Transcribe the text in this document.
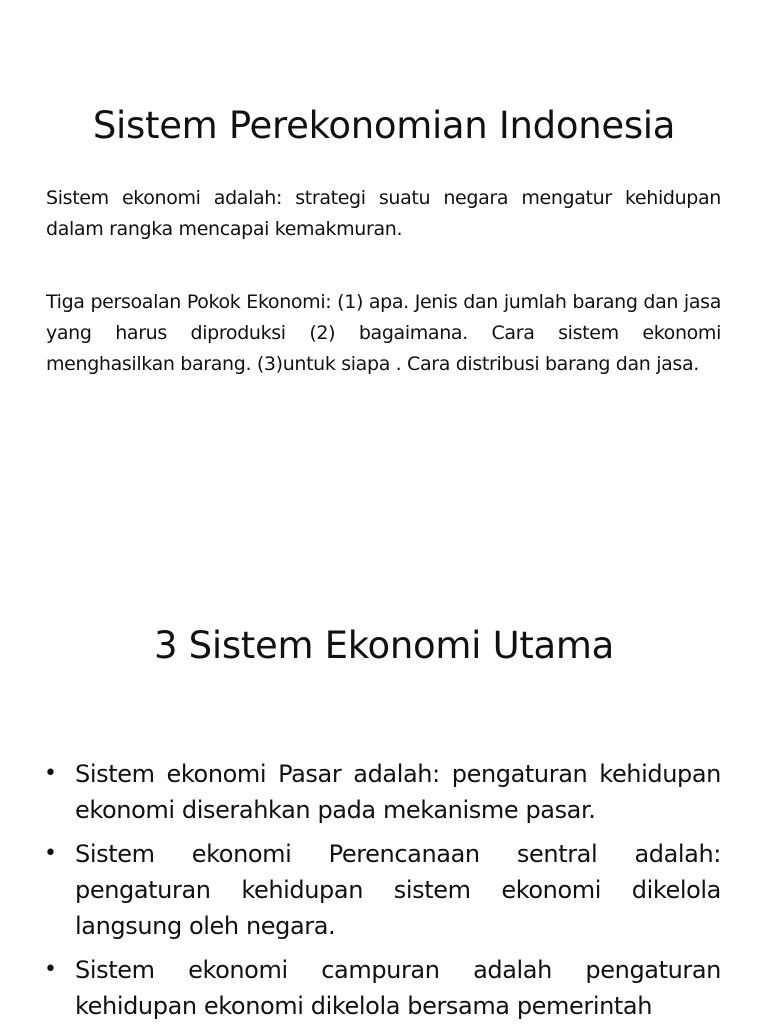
Sistem Perekonomian Indonesia

Sistem ekonomi adalah: strategi suatu negara mengatur kehidupan dalam rangka mencapai kemakmuran.

Tiga persoalan Pokok Ekonomi: (1) apa. Jenis dan jumlah barang dan jasa yang harus diproduksi (2) bagaimana. Cara sistem ekonomi menghasilkan barang. (3)untuk siapa . Cara distribusi barang dan jasa.

3 Sistem Ekonomi Utama
• Sistem ekonomi Pasar adalah: pengaturan kehidupan ekonomi diserahkan pada mekanisme pasar.
• Sistem ekonomi Perencanaan sentral adalah: pengaturan kehidupan sistem ekonomi dikelola langsung oleh negara.
• Sistem ekonomi campuran adalah pengaturan kehidupan ekonomi dikelola bersama pemerintah
